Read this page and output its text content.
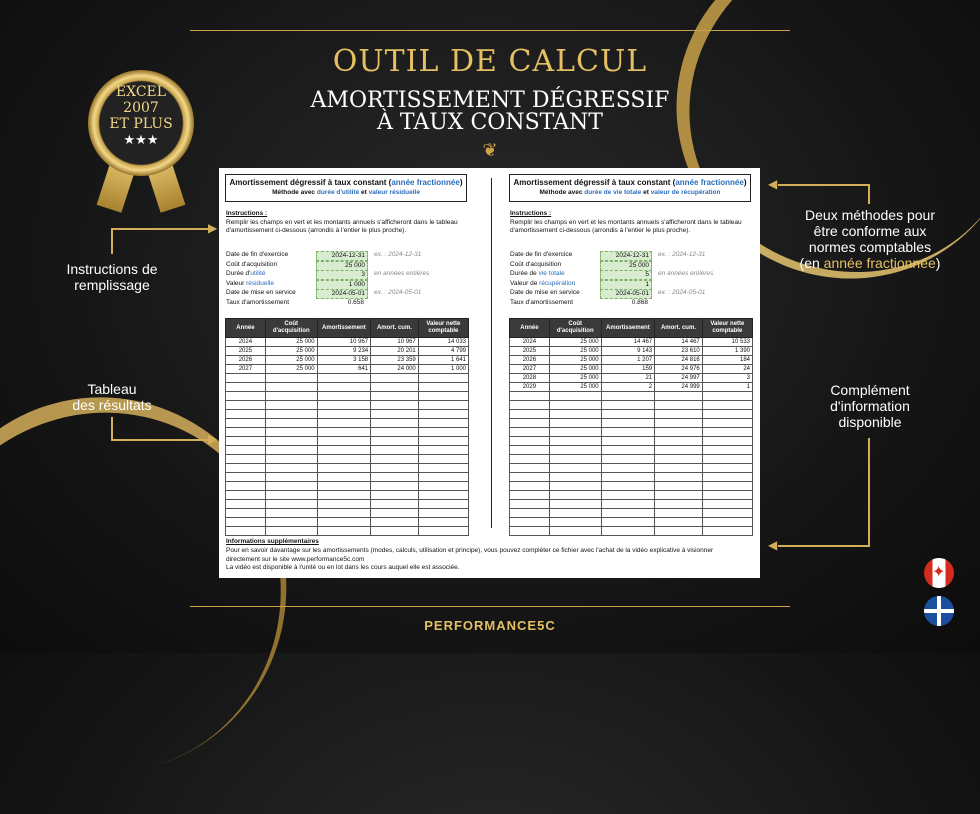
OUTIL DE CALCUL
AMORTISSEMENT DÉGRESSIF
À TAUX CONSTANT
❦
EXCEL
2007
ET PLUS
★★★
Instructions de remplissage
▶
Tableau
des résultats
▶
Deux méthodes pour
être conforme aux
normes comptables
(en année fractionnée)
◀
Complément
d'information
disponible
◀
Amortissement dégressif à taux constant (année fractionnée)
Méthode avec durée d'utilité et valeur résiduelle
Instructions :
Remplir les champs en vert et les montants annuels s'afficheront dans le tableau d'amortissement ci-dessous (arrondis à l'entier le plus proche).
Date de fin d'exercice	2024-12-31	ex. : 2024-12-31
Coût d'acquisition	25 000
Durée d'utilité	3	en années entières
Valeur résiduelle	1 000
Date de mise en service	2024-05-01	ex. : 2024-05-01
Taux d'amortissement	0.658
Année	Coût d'acquisition	Amortissement	Amort. cum.	Valeur nette comptable
2024	25 000	10 967	10 967	14 033
2025	25 000	9 234	20 201	4 799
2026	25 000	3 158	23 359	1 641
2027	25 000	641	24 000	1 000

Amortissement dégressif à taux constant (année fractionnée)
Méthode avec durée de vie totale et valeur de récupération
Instructions :
Remplir les champs en vert et les montants annuels s'afficheront dans le tableau d'amortissement ci-dessous (arrondis à l'entier le plus proche).
Date de fin d'exercice	2024-12-31	ex. : 2024-12-31
Coût d'acquisition	25 000
Durée de vie totale	5	en années entières
Valeur de récupération	1
Date de mise en service	2024-05-01	ex. : 2024-05-01
Taux d'amortissement	0.868
Année	Coût d'acquisition	Amortissement	Amort. cum.	Valeur nette comptable
2024	25 000	14 467	14 467	10 533
2025	25 000	9 143	23 610	1 390
2026	25 000	1 207	24 816	184
2027	25 000	159	24 976	24
2028	25 000	21	24 997	3
2029	25 000	2	24 999	1

Informations supplémentaires
Pour en savoir davantage sur les amortissements (modes, calculs, utilisation et principe), vous pouvez compléter ce fichier avec l'achat de la vidéo explicative à visionner
directement sur le site www.performance5c.com
La vidéo est disponible à l'unité ou en lot dans les cours auquel elle est associée.
PERFORMANCE5C
✦
